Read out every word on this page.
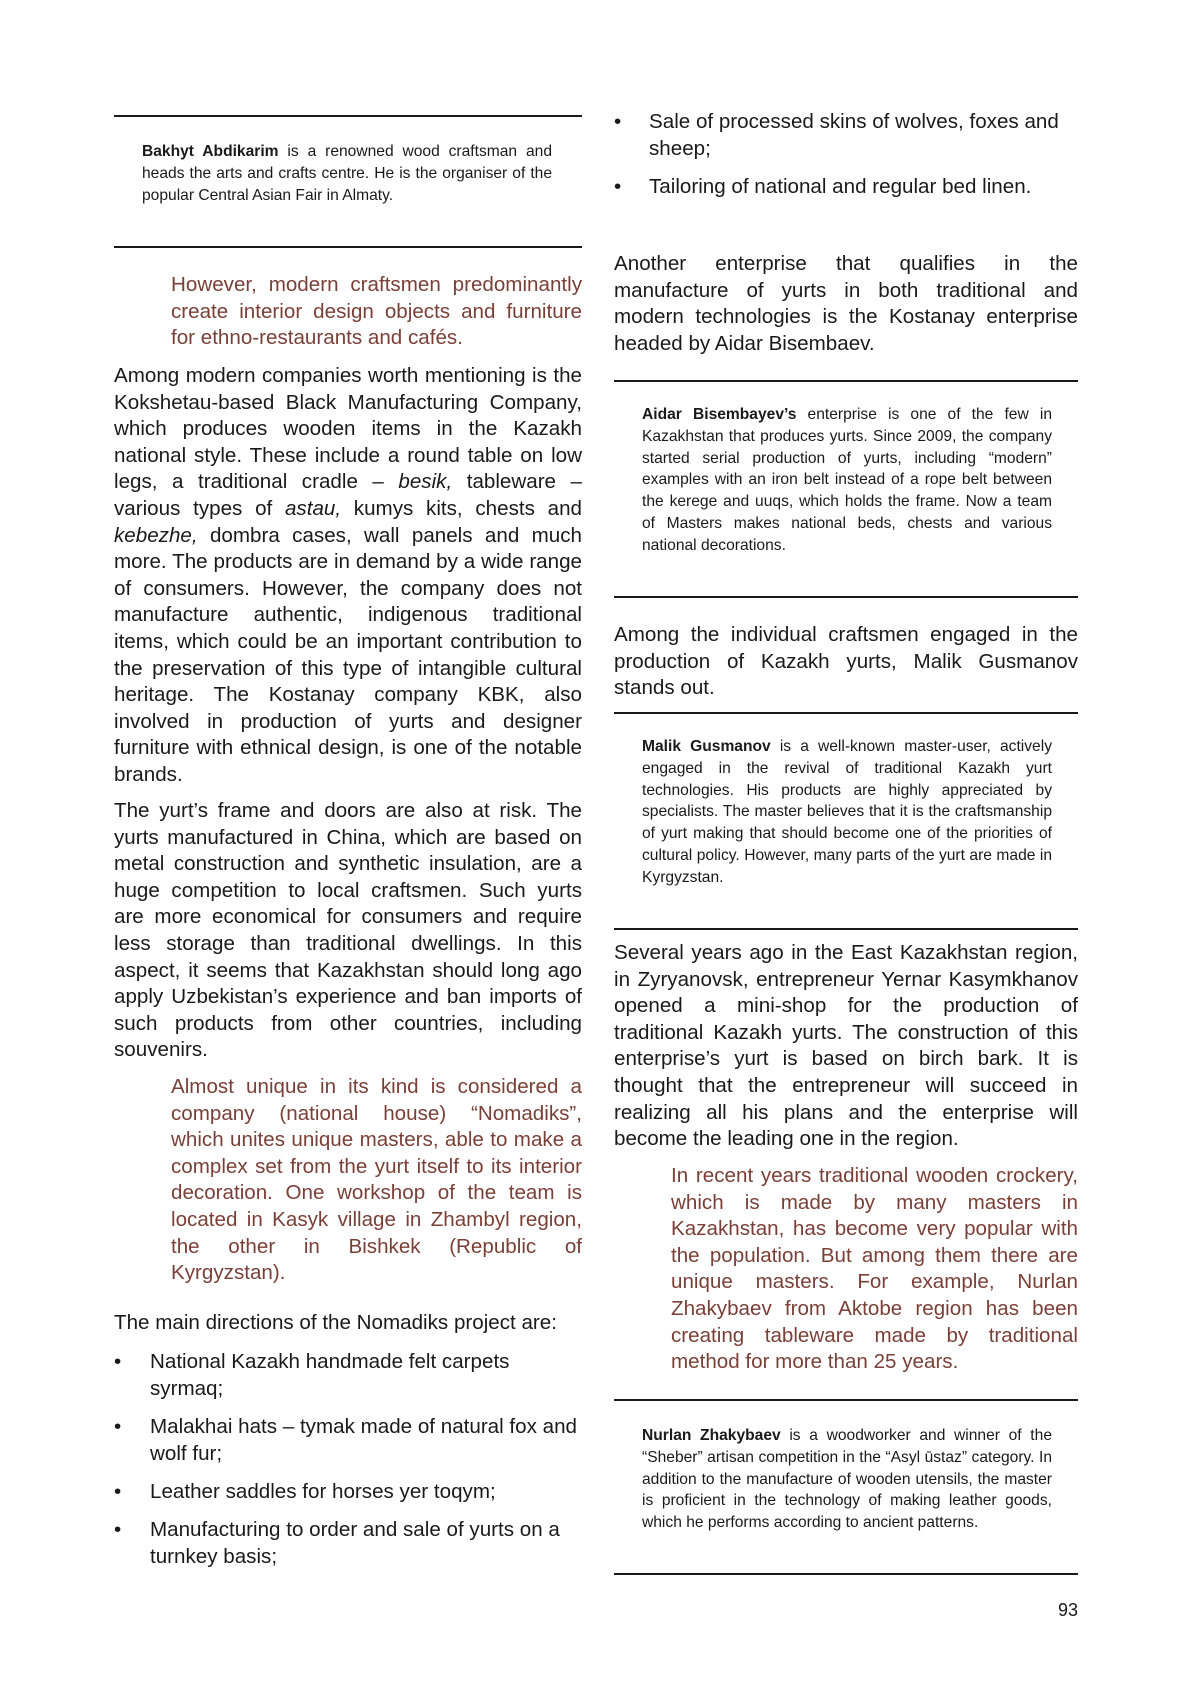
Bakhyt Abdikarim is a renowned wood craftsman and heads the arts and crafts centre. He is the organiser of the popular Central Asian Fair in Almaty.
However, modern craftsmen predominantly create interior design objects and furniture for ethno-restaurants and cafés.
Among modern companies worth mentioning is the Kokshetau-based Black Manufacturing Company, which produces wooden items in the Kazakh national style. These include a round table on low legs, a traditional cradle – besik, tableware – various types of astau, kumys kits, chests and kebezhe, dombra cases, wall panels and much more. The products are in demand by a wide range of consumers. However, the company does not manufacture authentic, indigenous traditional items, which could be an important contribution to the preservation of this type of intangible cultural heritage. The Kostanay company KBK, also involved in production of yurts and designer furniture with ethnical design, is one of the notable brands.
The yurt’s frame and doors are also at risk. The yurts manufactured in China, which are based on metal construction and synthetic insulation, are a huge competition to local craftsmen. Such yurts are more economical for consumers and require less storage than traditional dwellings. In this aspect, it seems that Kazakhstan should long ago apply Uzbekistan’s experience and ban imports of such products from other countries, including souvenirs.
Almost unique in its kind is considered a company (national house) “Nomadiks”, which unites unique masters, able to make a complex set from the yurt itself to its interior decoration. One workshop of the team is located in Kasyk village in Zhambyl region, the other in Bishkek (Republic of Kyrgyzstan).
The main directions of the Nomadiks project are:
• National Kazakh handmade felt carpets syrmaq;
• Malakhai hats – tymak made of natural fox and wolf fur;
• Leather saddles for horses yer toqym;
• Manufacturing to order and sale of yurts on a turnkey basis;
• Sale of processed skins of wolves, foxes and sheep;
• Tailoring of national and regular bed linen.
Another enterprise that qualifies in the manufacture of yurts in both traditional and modern technologies is the Kostanay enterprise headed by Aidar Bisembaev.
Aidar Bisembayev’s enterprise is one of the few in Kazakhstan that produces yurts. Since 2009, the company started serial production of yurts, including “modern” examples with an iron belt instead of a rope belt between the kerege and uuqs, which holds the frame. Now a team of Masters makes national beds, chests and various national decorations.
Among the individual craftsmen engaged in the production of Kazakh yurts, Malik Gusmanov stands out.
Malik Gusmanov is a well-known master-user, actively engaged in the revival of traditional Kazakh yurt technologies. His products are highly appreciated by specialists. The master believes that it is the craftsmanship of yurt making that should become one of the priorities of cultural policy. However, many parts of the yurt are made in Kyrgyzstan.
Several years ago in the East Kazakhstan region, in Zyryanovsk, entrepreneur Yernar Kasymkhanov opened a mini-shop for the production of traditional Kazakh yurts. The construction of this enterprise’s yurt is based on birch bark. It is thought that the entrepreneur will succeed in realizing all his plans and the enterprise will become the leading one in the region.
In recent years traditional wooden crockery, which is made by many masters in Kazakhstan, has become very popular with the population. But among them there are unique masters. For example, Nurlan Zhakybaev from Aktobe region has been creating tableware made by traditional method for more than 25 years.
Nurlan Zhakybaev is a woodworker and winner of the “Sheber” artisan competition in the “Asyl ūstaz” category. In addition to the manufacture of wooden utensils, the master is proficient in the technology of making leather goods, which he performs according to ancient patterns.
93
